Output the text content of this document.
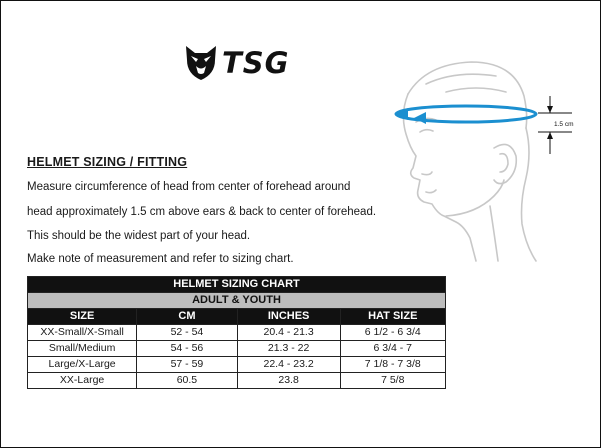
TSG
HELMET SIZING / FITTING
Measure circumference of head from center of forehead around
head approximately 1.5 cm above ears & back to center of forehead.
This should be the widest part of your head.
Make note of measurement and refer to sizing chart.
1.5 cm
HELMET SIZING CHART			
ADULT & YOUTH			
SIZE	CM	INCHES	HAT SIZE
XX-Small/X-Small	52 - 54	20.4 - 21.3	6 1/2 - 6 3/4
Small/Medium	54 - 56	21.3 - 22	6 3/4 - 7
Large/X-Large	57 - 59	22.4 - 23.2	7 1/8 - 7 3/8
XX-Large	60.5	23.8	7 5/8
